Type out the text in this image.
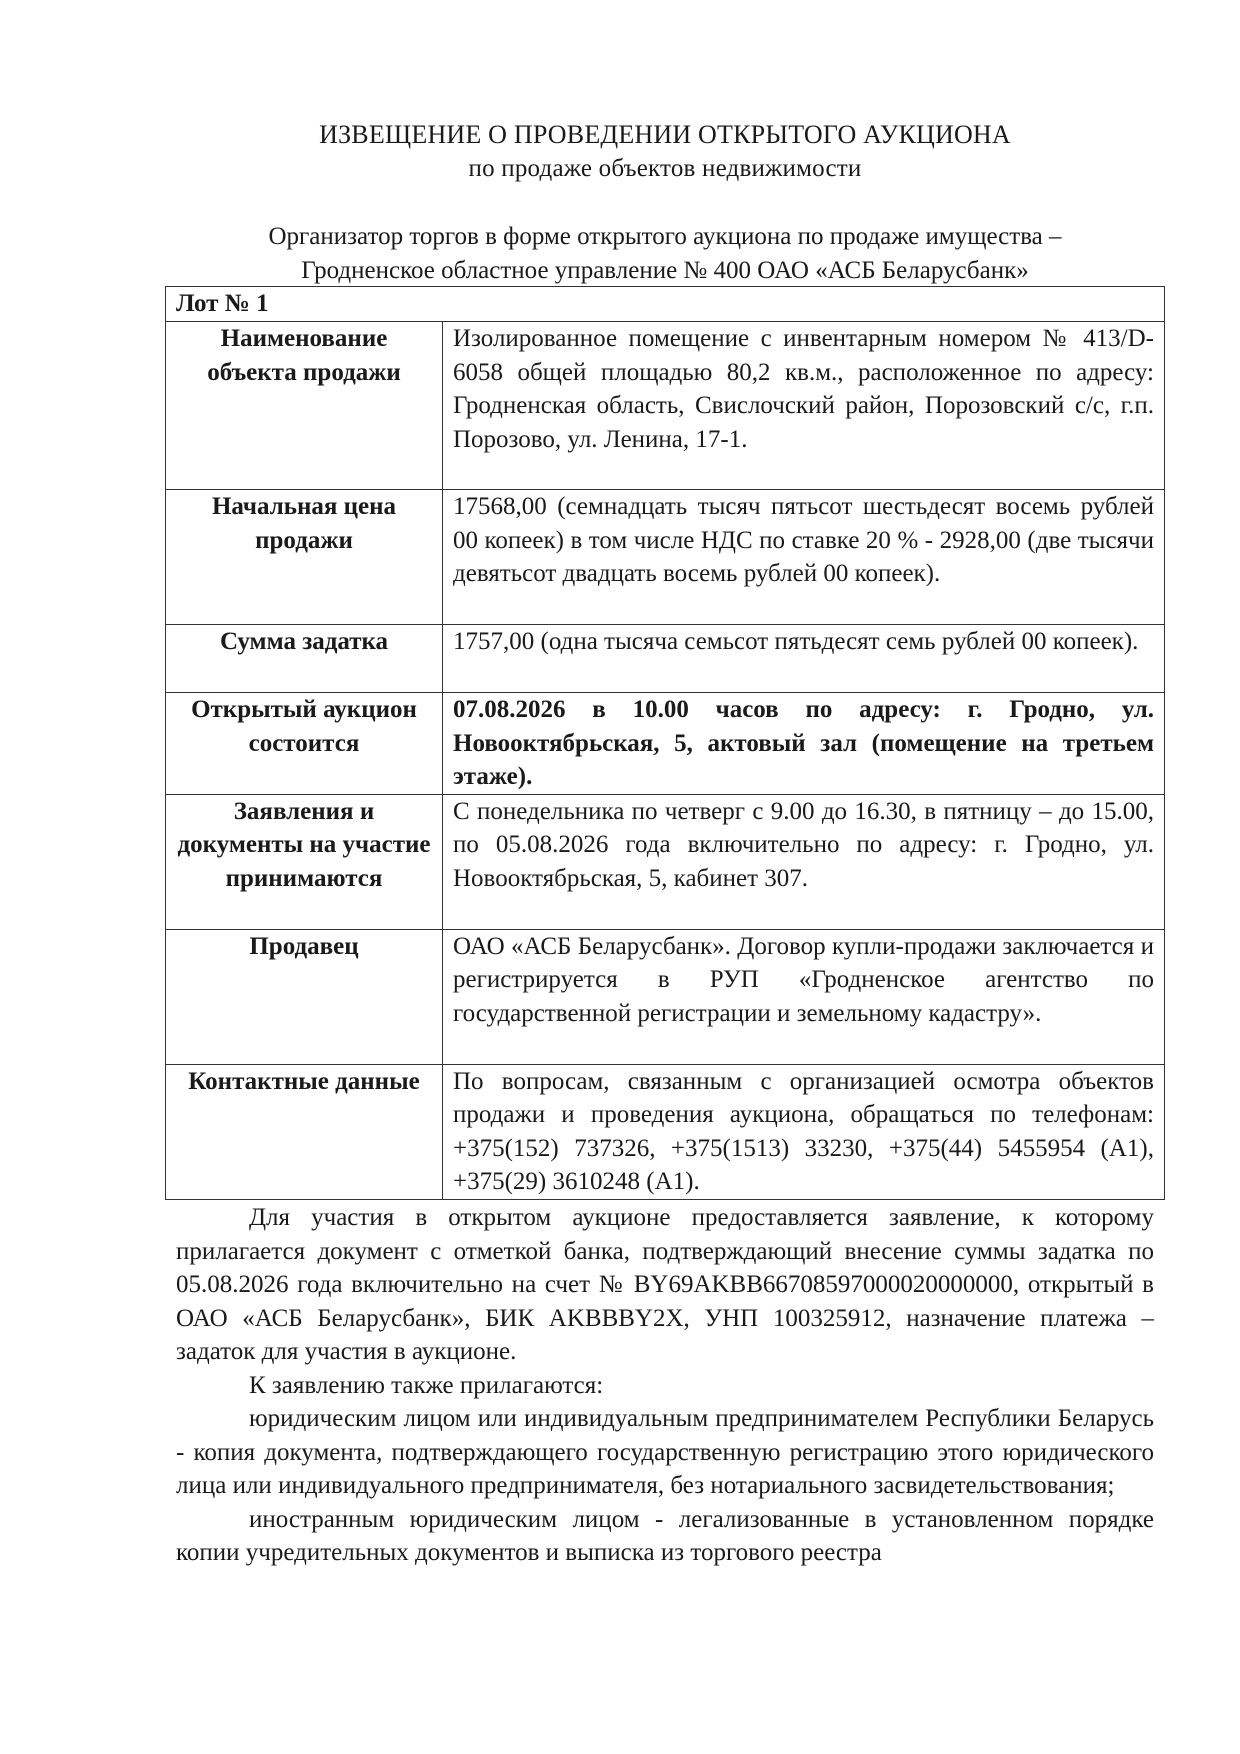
ИЗВЕЩЕНИЕ О ПРОВЕДЕНИИ ОТКРЫТОГО АУКЦИОНА
по продаже объектов недвижимости
Организатор торгов в форме открытого аукциона по продаже имущества –
Гродненское областное управление № 400 ОАО «АСБ Беларусбанк»
Лот № 1	
Наименование объекта продажи	Изолированное помещение с инвентарным номером № 413/D-6058 общей площадью 80,2 кв.м., расположенное по адресу: Гродненская область, Свислочский район, Порозовский с/с, г.п. Порозово, ул. Ленина, 17-1.
Начальная цена продажи	17568,00 (семнадцать тысяч пятьсот шестьдесят восемь рублей 00 копеек) в том числе НДС по ставке 20 % - 2928,00 (две тысячи девятьсот двадцать восемь рублей 00 копеек).
Сумма задатка	1757,00 (одна тысяча семьсот пятьдесят семь рублей 00 копеек).
Открытый аукцион состоится	07.08.2026 в 10.00 часов по адресу: г. Гродно, ул. Новооктябрьская, 5, актовый зал (помещение на третьем этаже).
Заявления и документы на участие принимаются	С понедельника по четверг с 9.00 до 16.30, в пятницу – до 15.00, по 05.08.2026 года включительно по адресу: г. Гродно, ул. Новооктябрьская, 5, кабинет 307.
Продавец	ОАО «АСБ Беларусбанк». Договор купли-продажи заключается и регистрируется в РУП «Гродненское агентство по государственной регистрации и земельному кадастру».
Контактные данные	По вопросам, связанным с организацией осмотра объектов продажи и проведения аукциона, обращаться по телефонам: +375(152) 737326, +375(1513) 33230, +375(44) 5455954 (А1), +375(29) 3610248 (А1).

Для участия в открытом аукционе предоставляется заявление, к которому прилагается документ с отметкой банка, подтверждающий внесение суммы задатка по 05.08.2026 года включительно на счет № BY69AKBB66708597000020000000, открытый в ОАО «АСБ Беларусбанк», БИК AKBBBY2X, УНП 100325912, назначение платежа – задаток для участия в аукционе.

К заявлению также прилагаются:

юридическим лицом или индивидуальным предпринимателем Республики Беларусь - копия документа, подтверждающего государственную регистрацию этого юридического лица или индивидуального предпринимателя, без нотариального засвидетельствования;

иностранным юридическим лицом - легализованные в установленном порядке копии учредительных документов и выписка из торгового реестра
